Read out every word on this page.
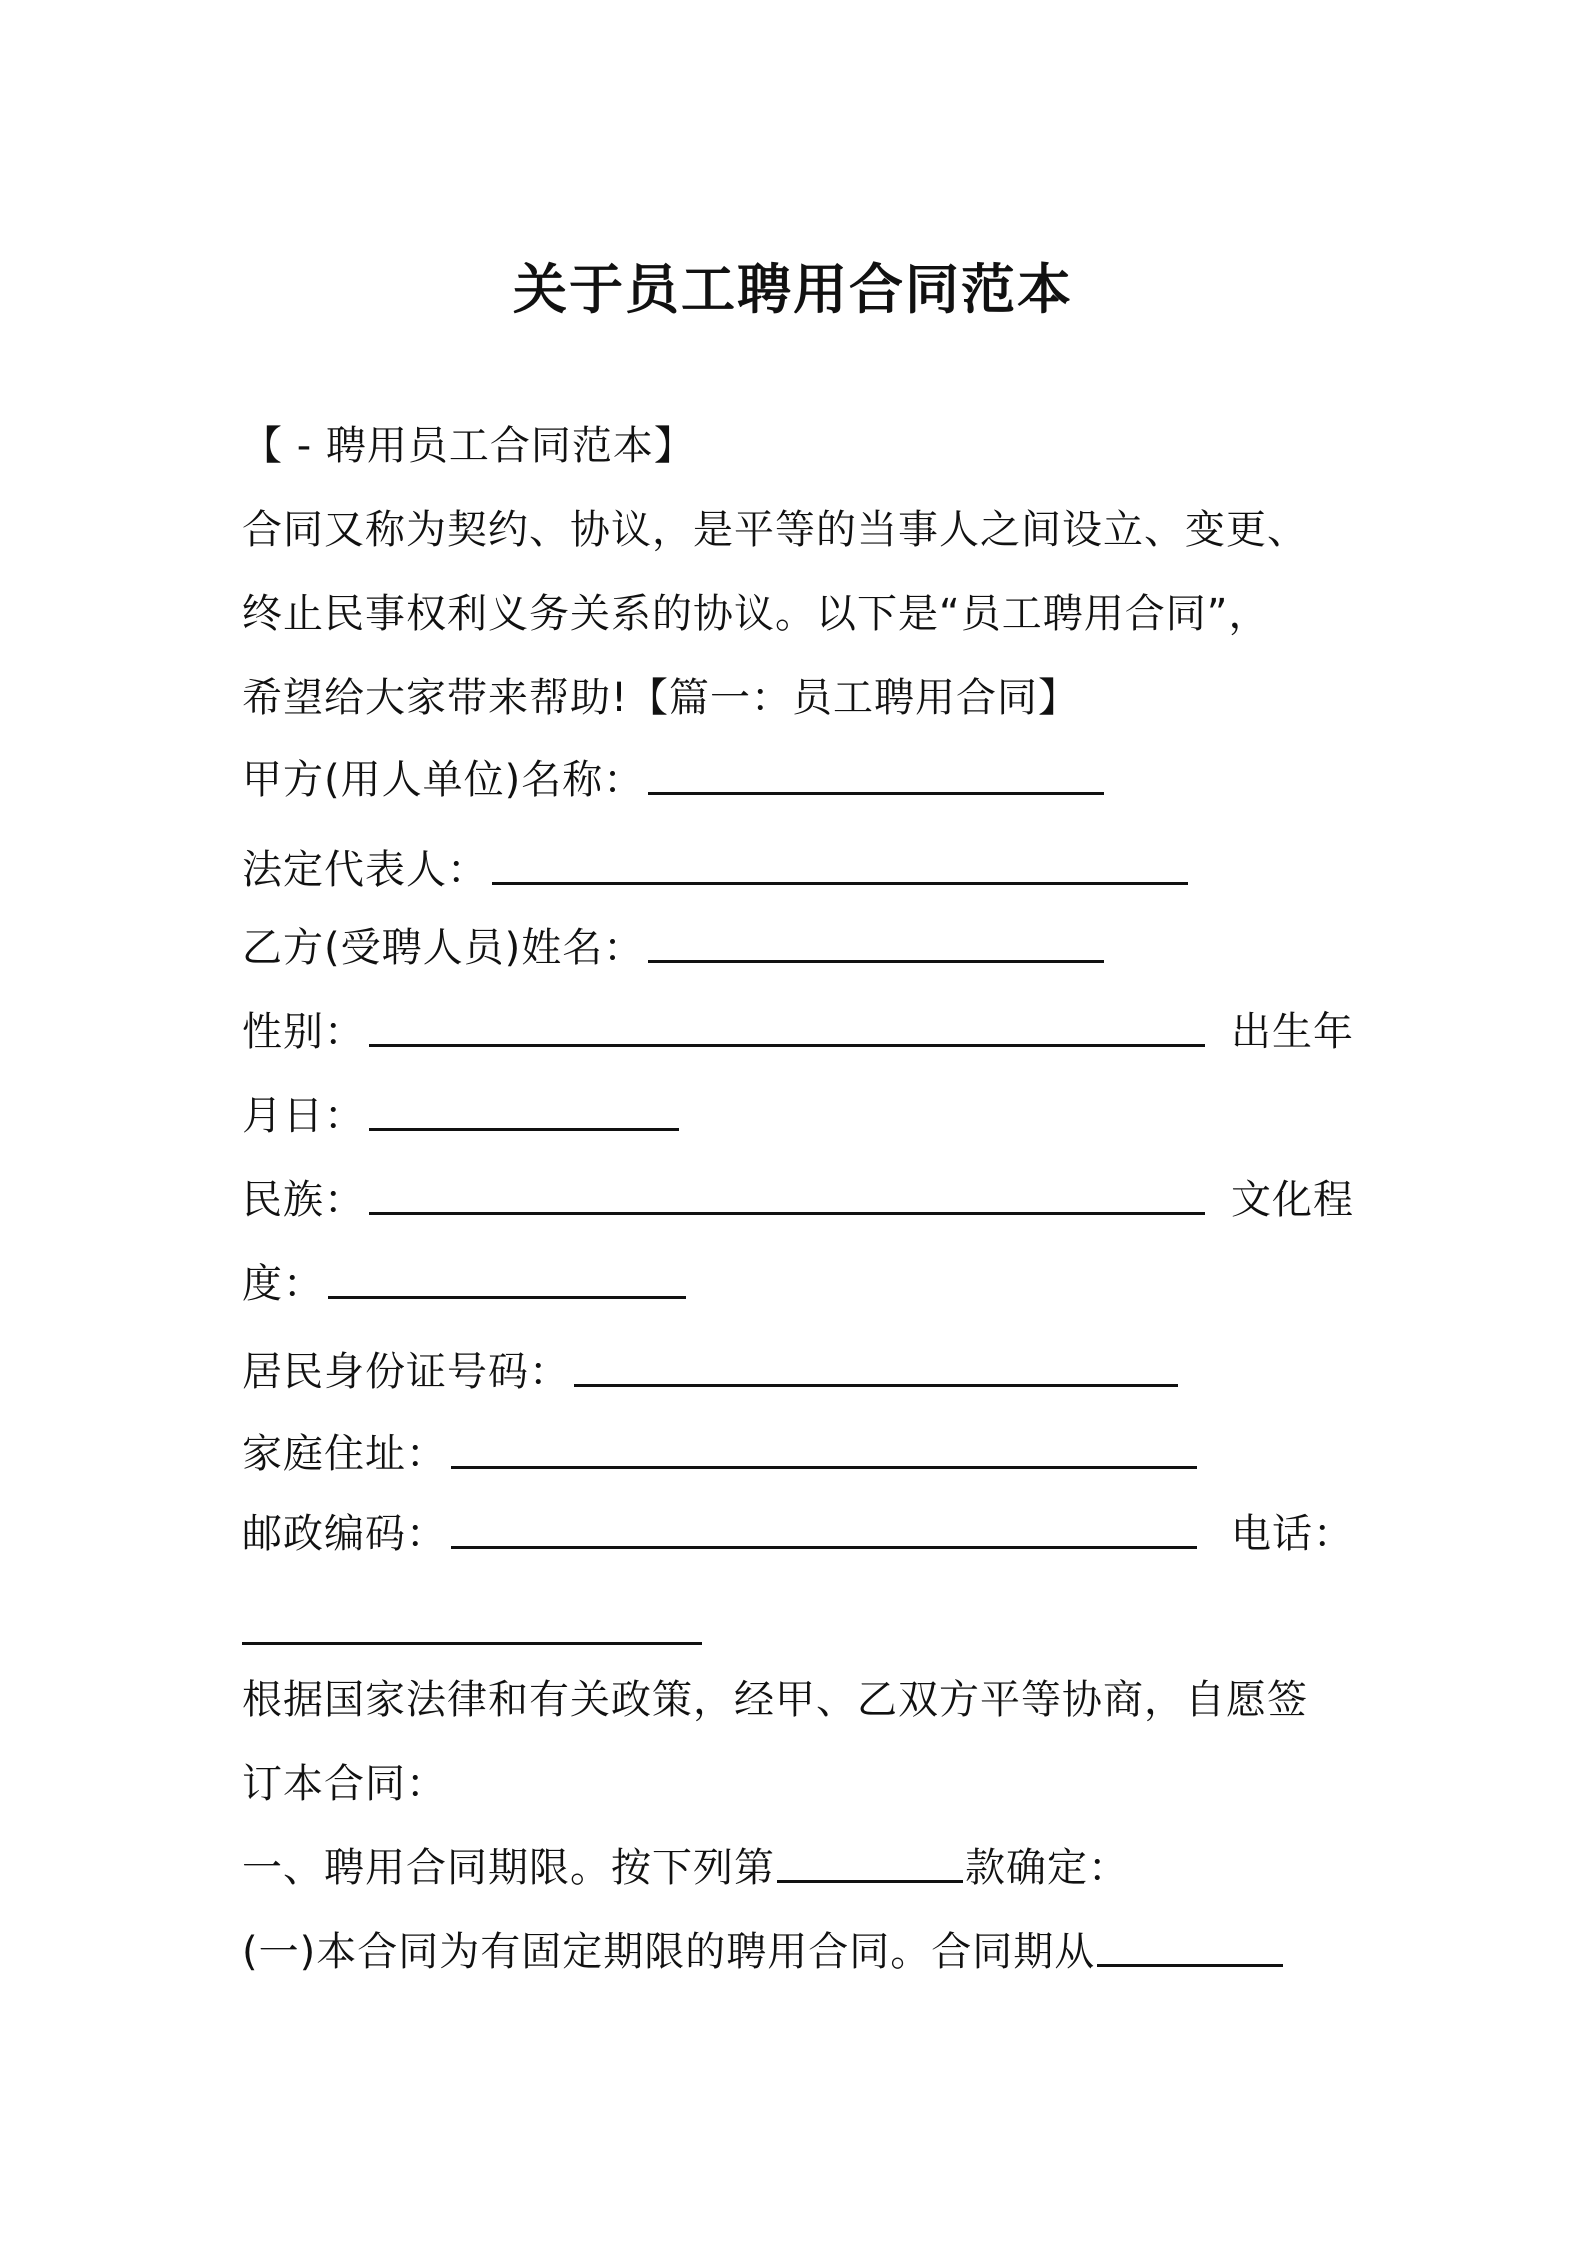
关于员工聘用合同范本
【 - 聘用员工合同范本】
合同又称为契约、协议，是平等的当事人之间设立、变更、
终止民事权利义务关系的协议。以下是“员工聘用合同”，
希望给大家带来帮助!【篇一：员工聘用合同】
甲方(用人单位)名称：
法定代表人：
乙方(受聘人员)姓名：
性别：	出生年
月日：
民族：	文化程
度：
居民身份证号码：
家庭住址：
邮政编码：	电话：
根据国家法律和有关政策，经甲、乙双方平等协商，自愿签
订本合同：
一、聘用合同期限。按下列第	款确定：
(一)本合同为有固定期限的聘用合同。合同期从
